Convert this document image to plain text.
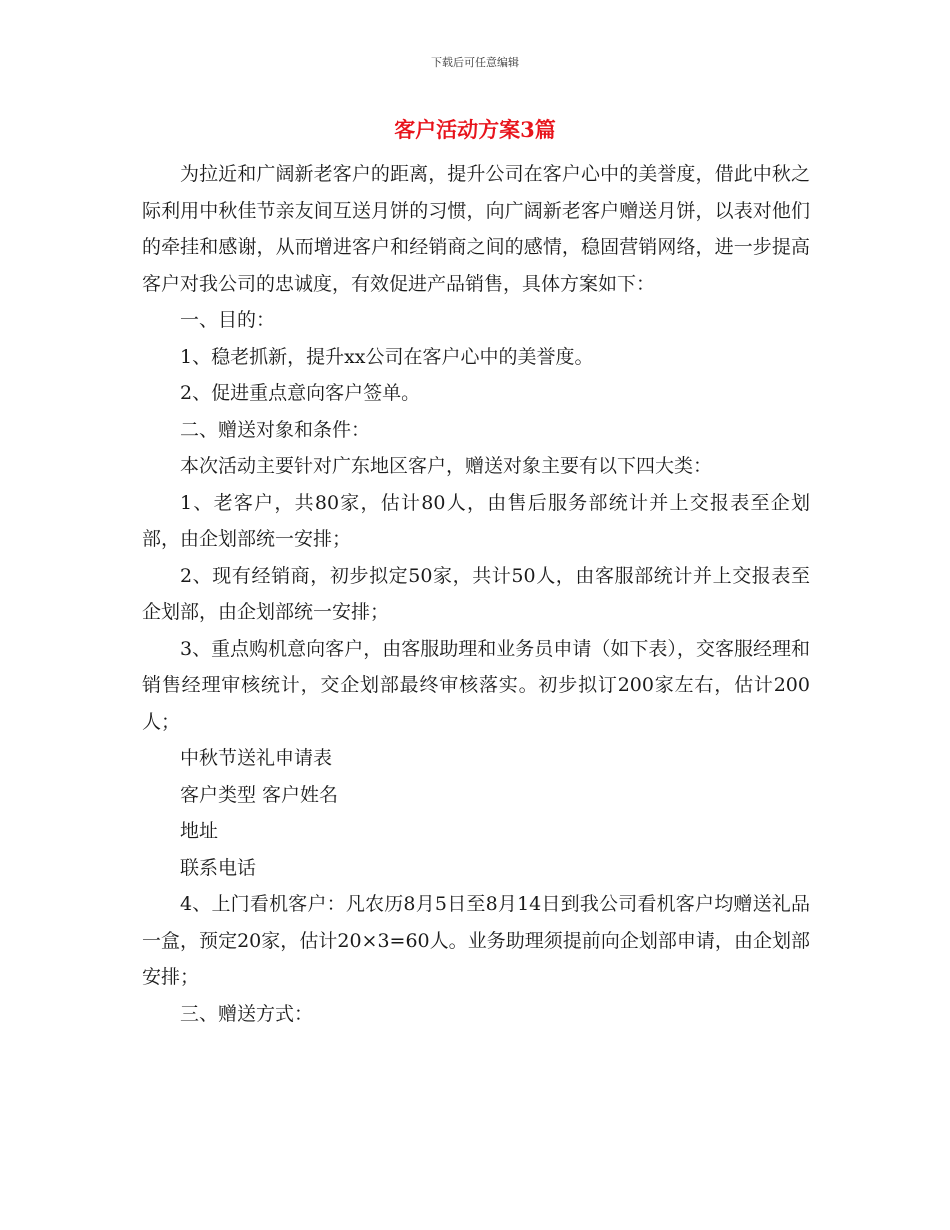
下载后可任意编辑
客户活动方案3篇

为拉近和广阔新老客户的距离，提升公司在客户心中的美誉度，借此中秋之际利用中秋佳节亲友间互送月饼的习惯，向广阔新老客户赠送月饼，以表对他们的牵挂和感谢，从而增进客户和经销商之间的感情，稳固营销网络，进一步提高客户对我公司的忠诚度，有效促进产品销售，具体方案如下：

一、目的：

1、稳老抓新，提升xx公司在客户心中的美誉度。

2、促进重点意向客户签单。

二、赠送对象和条件：

本次活动主要针对广东地区客户，赠送对象主要有以下四大类：

1、老客户，共80家，估计80人，由售后服务部统计并上交报表至企划部，由企划部统一安排；

2、现有经销商，初步拟定50家，共计50人，由客服部统计并上交报表至企划部，由企划部统一安排；

3、重点购机意向客户，由客服助理和业务员申请（如下表），交客服经理和销售经理审核统计，交企划部最终审核落实。初步拟订200家左右，估计200人；

中秋节送礼申请表

客户类型 客户姓名

地址

联系电话

4、上门看机客户：凡农历8月5日至8月14日到我公司看机客户均赠送礼品一盒，预定20家，估计20×3=60人。业务助理须提前向企划部申请，由企划部安排；

三、赠送方式：
